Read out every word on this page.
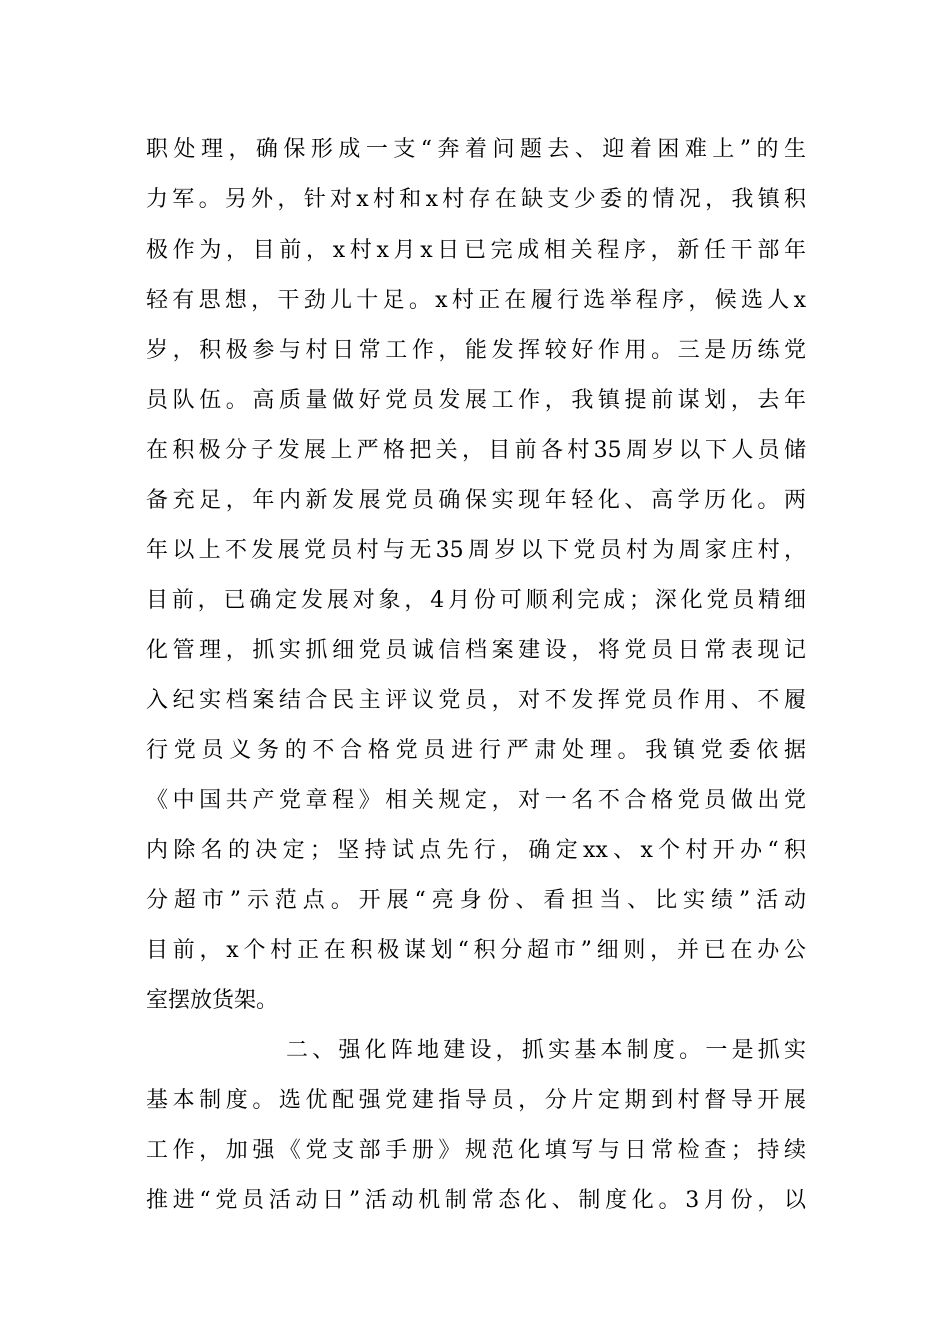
职处理，确保形成一支“奔着问题去、迎着困难上”的生
力军。另外，针对x村和x村存在缺支少委的情况，我镇积
极作为，目前，x村x月x日已完成相关程序，新任干部年
轻有思想，干劲儿十足。x村正在履行选举程序，候选人x
岁，积极参与村日常工作，能发挥较好作用。三是历练党
员队伍。高质量做好党员发展工作，我镇提前谋划，去年
在积极分子发展上严格把关，目前各村35周岁以下人员储
备充足，年内新发展党员确保实现年轻化、高学历化。两
年以上不发展党员村与无35周岁以下党员村为周家庄村，
目前，已确定发展对象，4月份可顺利完成；深化党员精细
化管理，抓实抓细党员诚信档案建设，将党员日常表现记
入纪实档案结合民主评议党员，对不发挥党员作用、不履
行党员义务的不合格党员进行严肃处理。我镇党委依据
《中国共产党章程》相关规定，对一名不合格党员做出党
内除名的决定；坚持试点先行，确定xx、x个村开办“积
分超市”示范点。开展“亮身份、看担当、比实绩”活动
目前，x个村正在积极谋划“积分超市”细则，并已在办公
室摆放货架。
二、强化阵地建设，抓实基本制度。一是抓实
基本制度。选优配强党建指导员，分片定期到村督导开展
工作，加强《党支部手册》规范化填写与日常检查；持续
推进“党员活动日”活动机制常态化、制度化。3月份，以
